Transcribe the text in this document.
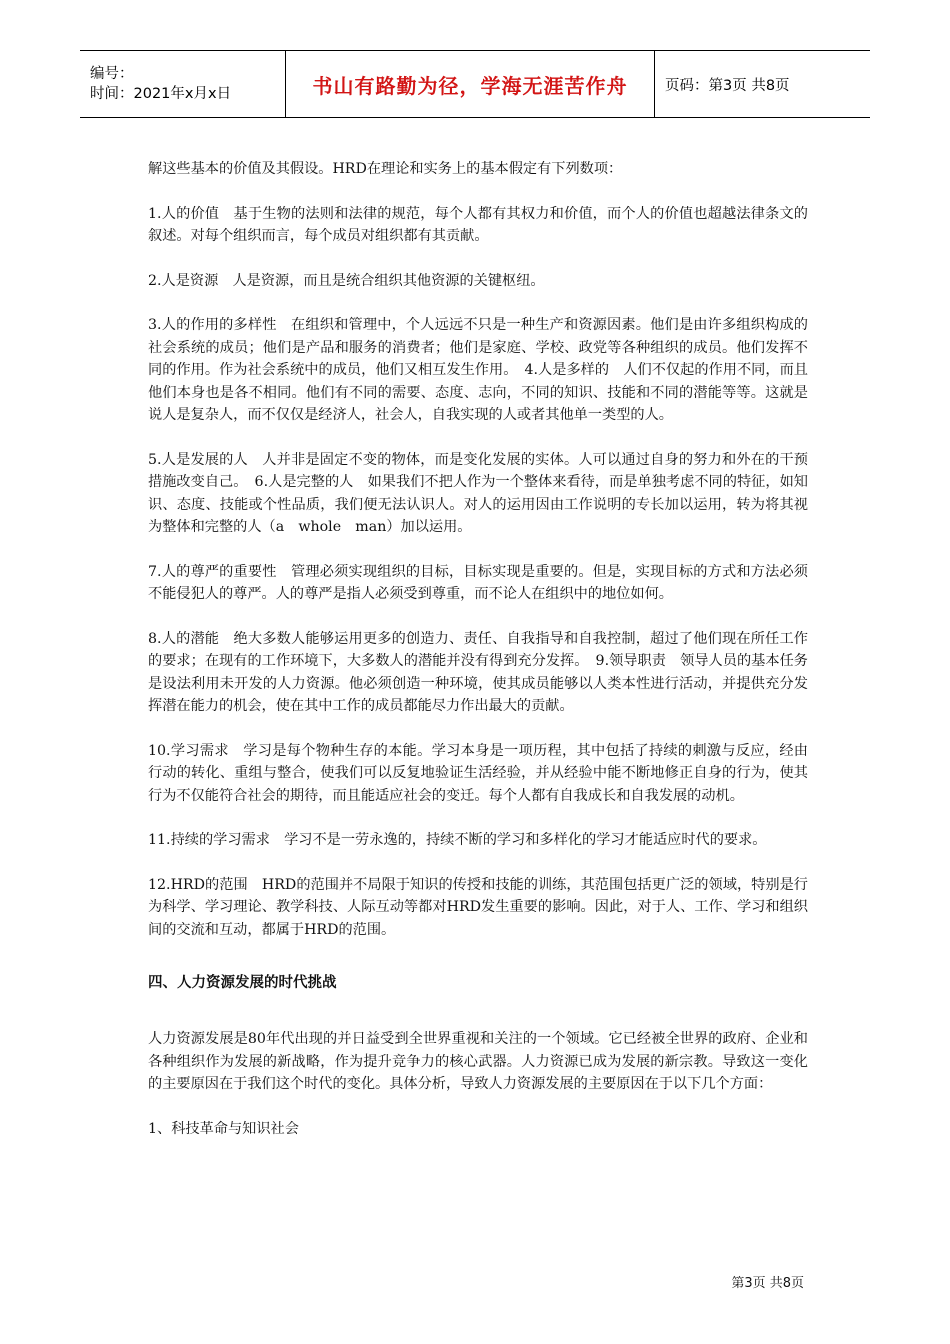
编号：
时间：2021年x月x日	书山有路勤为径，学海无涯苦作舟	页码：第3页 共8页

解这些基本的价值及其假设。HRD在理论和实务上的基本假定有下列数项：

1.人的价值　基于生物的法则和法律的规范，每个人都有其权力和价值，而个人的价值也超越法律条文的叙述。对每个组织而言，每个成员对组织都有其贡献。

2.人是资源　人是资源，而且是统合组织其他资源的关键枢纽。

3.人的作用的多样性　在组织和管理中，个人远远不只是一种生产和资源因素。他们是由许多组织构成的社会系统的成员；他们是产品和服务的消费者；他们是家庭、学校、政党等各种组织的成员。他们发挥不同的作用。作为社会系统中的成员，他们又相互发生作用。　4.人是多样的　人们不仅起的作用不同，而且他们本身也是各不相同。他们有不同的需要、态度、志向，不同的知识、技能和不同的潜能等等。这就是说人是复杂人，而不仅仅是经济人，社会人，自我实现的人或者其他单一类型的人。

5.人是发展的人　人并非是固定不变的物体，而是变化发展的实体。人可以通过自身的努力和外在的干预措施改变自己。　6.人是完整的人　如果我们不把人作为一个整体来看待，而是单独考虑不同的特征，如知识、态度、技能或个性品质，我们便无法认识人。对人的运用因由工作说明的专长加以运用，转为将其视为整体和完整的人（a　whole　man）加以运用。

7.人的尊严的重要性　管理必须实现组织的目标，目标实现是重要的。但是，实现目标的方式和方法必须不能侵犯人的尊严。人的尊严是指人必须受到尊重，而不论人在组织中的地位如何。

8.人的潜能　绝大多数人能够运用更多的创造力、责任、自我指导和自我控制，超过了他们现在所任工作的要求；在现有的工作环境下，大多数人的潜能并没有得到充分发挥。　9.领导职责　领导人员的基本任务是设法利用未开发的人力资源。他必须创造一种环境，使其成员能够以人类本性进行活动，并提供充分发挥潜在能力的机会，使在其中工作的成员都能尽力作出最大的贡献。

10.学习需求　学习是每个物种生存的本能。学习本身是一项历程，其中包括了持续的刺激与反应，经由行动的转化、重组与整合，使我们可以反复地验证生活经验，并从经验中能不断地修正自身的行为，使其行为不仅能符合社会的期待，而且能适应社会的变迁。每个人都有自我成长和自我发展的动机。

11.持续的学习需求　学习不是一劳永逸的，持续不断的学习和多样化的学习才能适应时代的要求。

12.HRD的范围　HRD的范围并不局限于知识的传授和技能的训练，其范围包括更广泛的领域，特别是行为科学、学习理论、教学科技、人际互动等都对HRD发生重要的影响。因此，对于人、工作、学习和组织间的交流和互动，都属于HRD的范围。

四、人力资源发展的时代挑战

人力资源发展是80年代出现的并日益受到全世界重视和关注的一个领域。它已经被全世界的政府、企业和各种组织作为发展的新战略，作为提升竞争力的核心武器。人力资源已成为发展的新宗教。导致这一变化的主要原因在于我们这个时代的变化。具体分析，导致人力资源发展的主要原因在于以下几个方面：

1、科技革命与知识社会

第3页 共8页
